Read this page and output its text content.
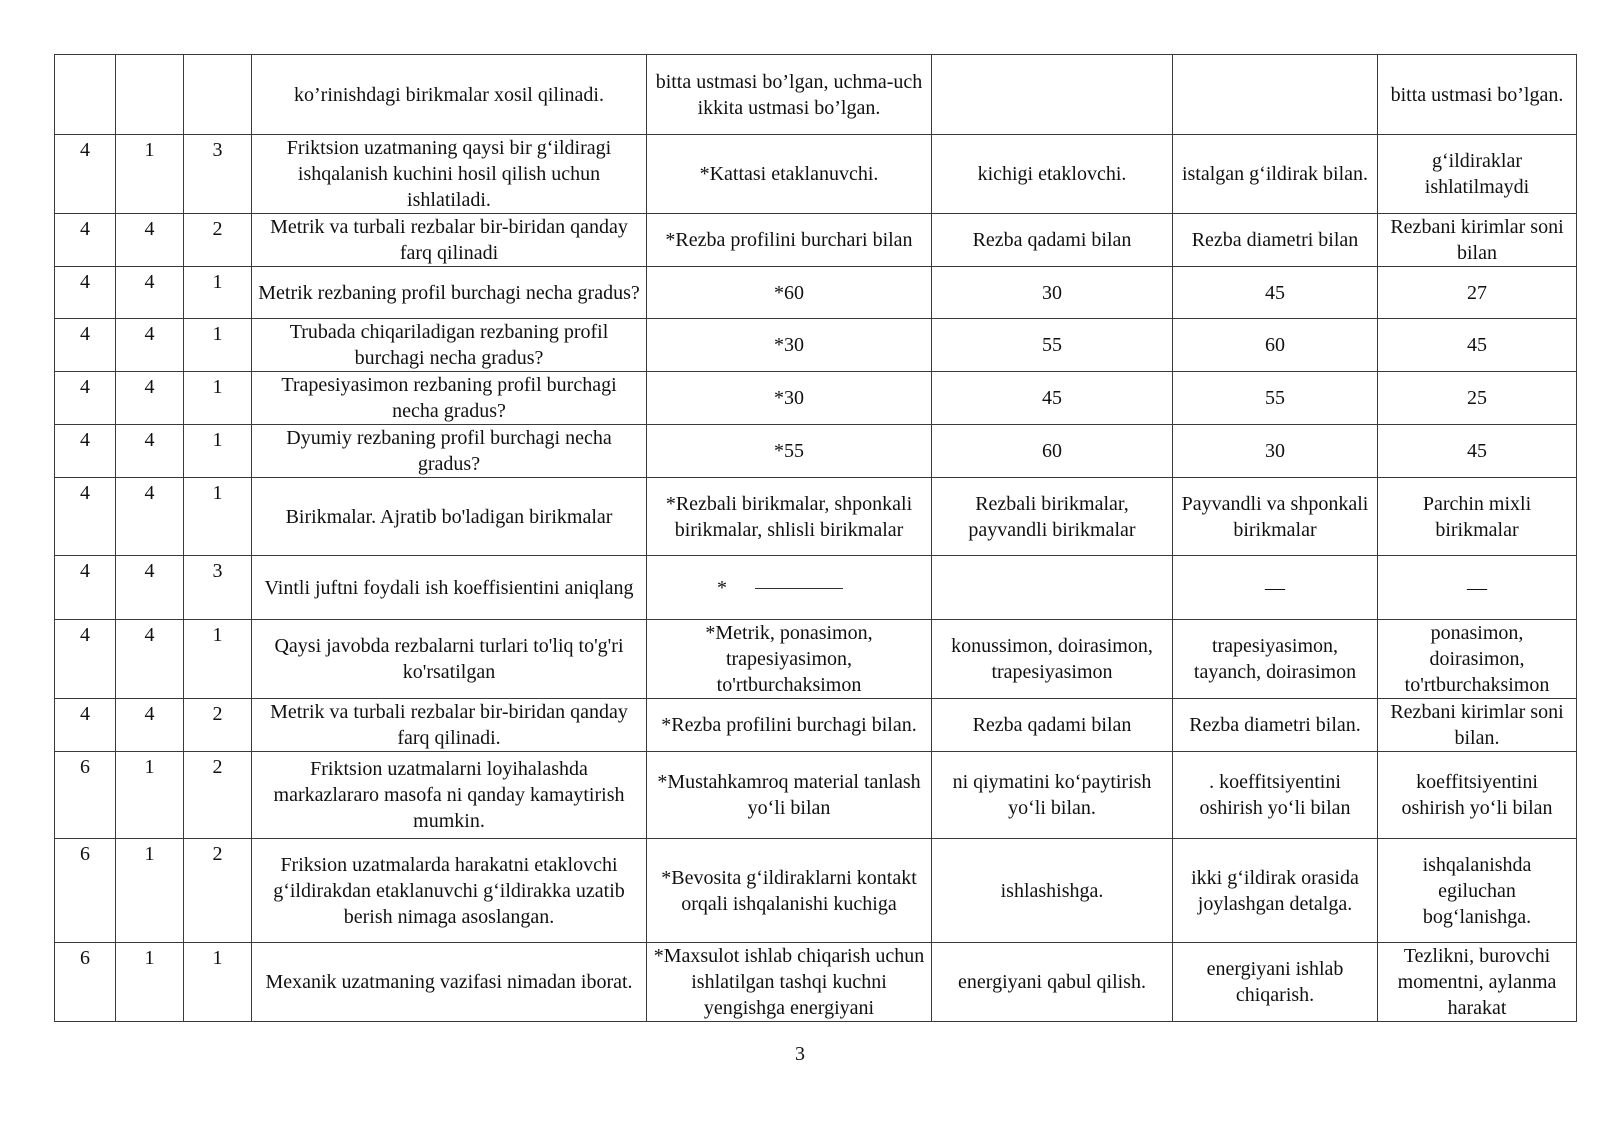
			ko’rinishdagi birikmalar xosil qilinadi.	bitta ustmasi bo’lgan, uchma-uch ikkita ustmasi bo’lgan.			bitta ustmasi bo’lgan.
4	1	3	Friktsion uzatmaning qaysi bir g‘ildiragi ishqalanish kuchini hosil qilish uchun ishlatiladi.	*Kattasi etaklanuvchi.	kichigi etaklovchi.	istalgan g‘ildirak bilan.	g‘ildiraklar ishlatilmaydi
4	4	2	Metrik va turbali rezbalar bir-biridan qanday farq qilinadi	*Rezba profilini burchari bilan	Rezba qadami bilan	Rezba diametri bilan	Rezbani kirimlar soni bilan
4	4	1	Metrik rezbaning profil burchagi necha gradus?	*60	30	45	27
4	4	1	Trubada chiqariladigan rezbaning profil burchagi necha gradus?	*30	55	60	45
4	4	1	Trapesiyasimon rezbaning profil burchagi necha gradus?	*30	45	55	25
4	4	1	Dyumiy rezbaning profil burchagi necha gradus?	*55	60	30	45
4	4	1	Birikmalar. Ajratib bo'ladigan birikmalar	*Rezbali birikmalar, shponkali birikmalar, shlisli birikmalar	Rezbali birikmalar, payvandli birikmalar	Payvandli va shponkali birikmalar	Parchin mixli birikmalar
4	4	3	Vintli juftni foydali ish koeffisientini aniqlang	*		—	—
4	4	1	Qaysi javobda rezbalarni turlari to'liq to'g'ri ko'rsatilgan	*Metrik, ponasimon, trapesiyasimon, to'rtburchaksimon	konussimon, doirasimon, trapesiyasimon	trapesiyasimon, tayanch, doirasimon	ponasimon, doirasimon, to'rtburchaksimon
4	4	2	Metrik va turbali rezbalar bir-biridan qanday farq qilinadi.	*Rezba profilini burchagi bilan.	Rezba qadami bilan	Rezba diametri bilan.	Rezbani kirimlar soni bilan.
6	1	2	Friktsion uzatmalarni loyihalashda markazlararo masofa ni qanday kamaytirish mumkin.	*Mustahkamroq material tanlash yo‘li bilan	ni qiymatini ko‘paytirish yo‘li bilan.	. koeffitsiyentini oshirish yo‘li bilan	koeffitsiyentini oshirish yo‘li bilan
6	1	2	Friksion uzatmalarda harakatni etaklovchi g‘ildirakdan etaklanuvchi g‘ildirakka uzatib berish nimaga asoslangan.	*Bevosita g‘ildiraklarni kontakt orqali ishqalanishi kuchiga	ishlashishga.	ikki g‘ildirak orasida joylashgan detalga.	ishqalanishda egiluchan bog‘lanishga.
6	1	1	Mexanik uzatmaning vazifasi nimadan iborat.	*Maxsulot ishlab chiqarish uchun ishlatilgan tashqi kuchni yengishga energiyani	energiyani qabul qilish.	energiyani ishlab chiqarish.	Tezlikni, burovchi momentni, aylanma harakat
3
